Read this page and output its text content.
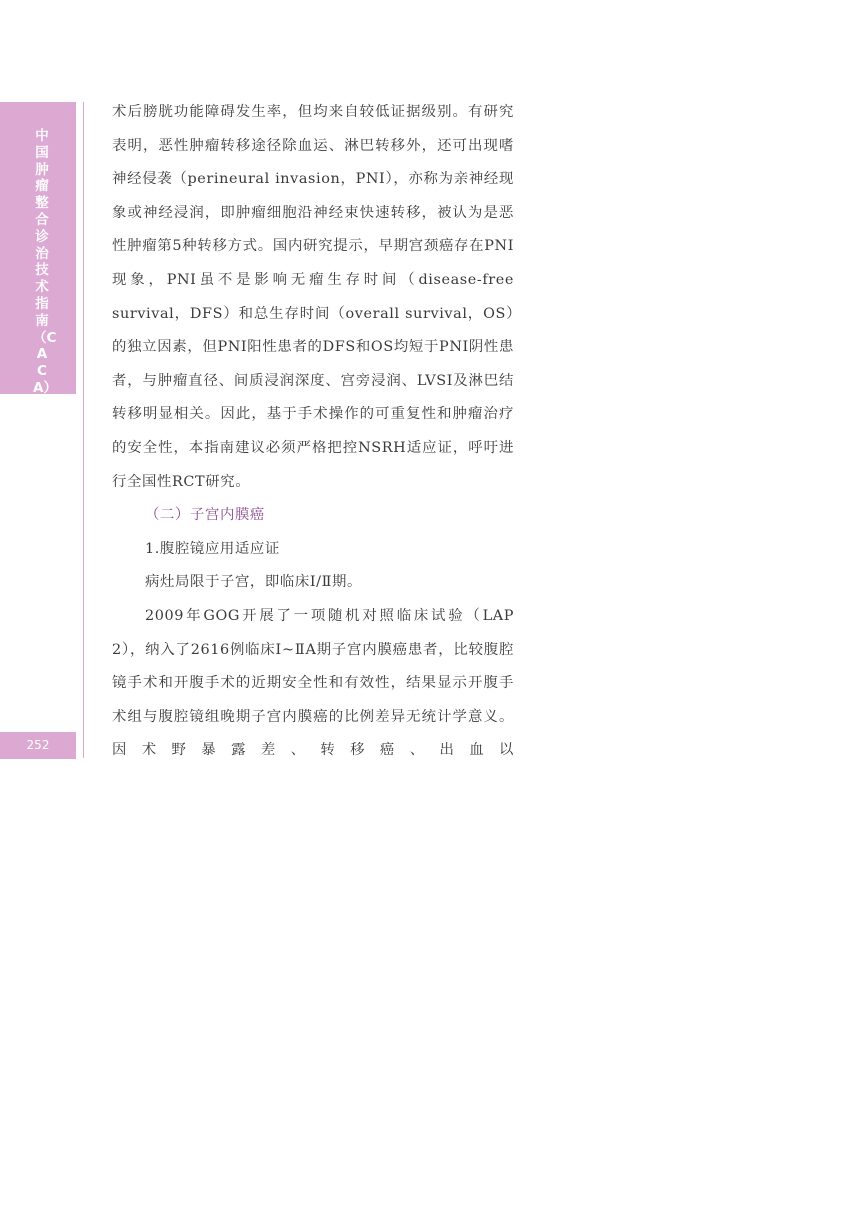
中国肿瘤整合诊治技术指南（CACA）
252

术后膀胱功能障碍发生率，但均来自较低证据级别。有研究表明，恶性肿瘤转移途径除血运、淋巴转移外，还可出现嗜神经侵袭（perineural invasion，PNI），亦称为亲神经现象或神经浸润，即肿瘤细胞沿神经束快速转移，被认为是恶性肿瘤第5种转移方式。国内研究提示，早期宫颈癌存在PNI现象，PNI虽不是影响无瘤生存时间（disease-free survival，DFS）和总生存时间（overall survival，OS）的独立因素，但PNI阳性患者的DFS和OS均短于PNI阴性患者，与肿瘤直径、间质浸润深度、宫旁浸润、LVSI及淋巴结转移明显相关。因此，基于手术操作的可重复性和肿瘤治疗的安全性，本指南建议必须严格把控NSRH适应证，呼吁进行全国性RCT研究。

（二）子宫内膜癌

1.腹腔镜应用适应证

病灶局限于子宫，即临床Ⅰ/Ⅱ期。

2009年GOG开展了一项随机对照临床试验（LAP 2），纳入了2616例临床Ⅰ~ⅡA期子宫内膜癌患者，比较腹腔镜手术和开腹手术的近期安全性和有效性，结果显示开腹手术组与腹腔镜组晚期子宫内膜癌的比例差异无统计学意义。因术野暴露差、转移癌、出血以
